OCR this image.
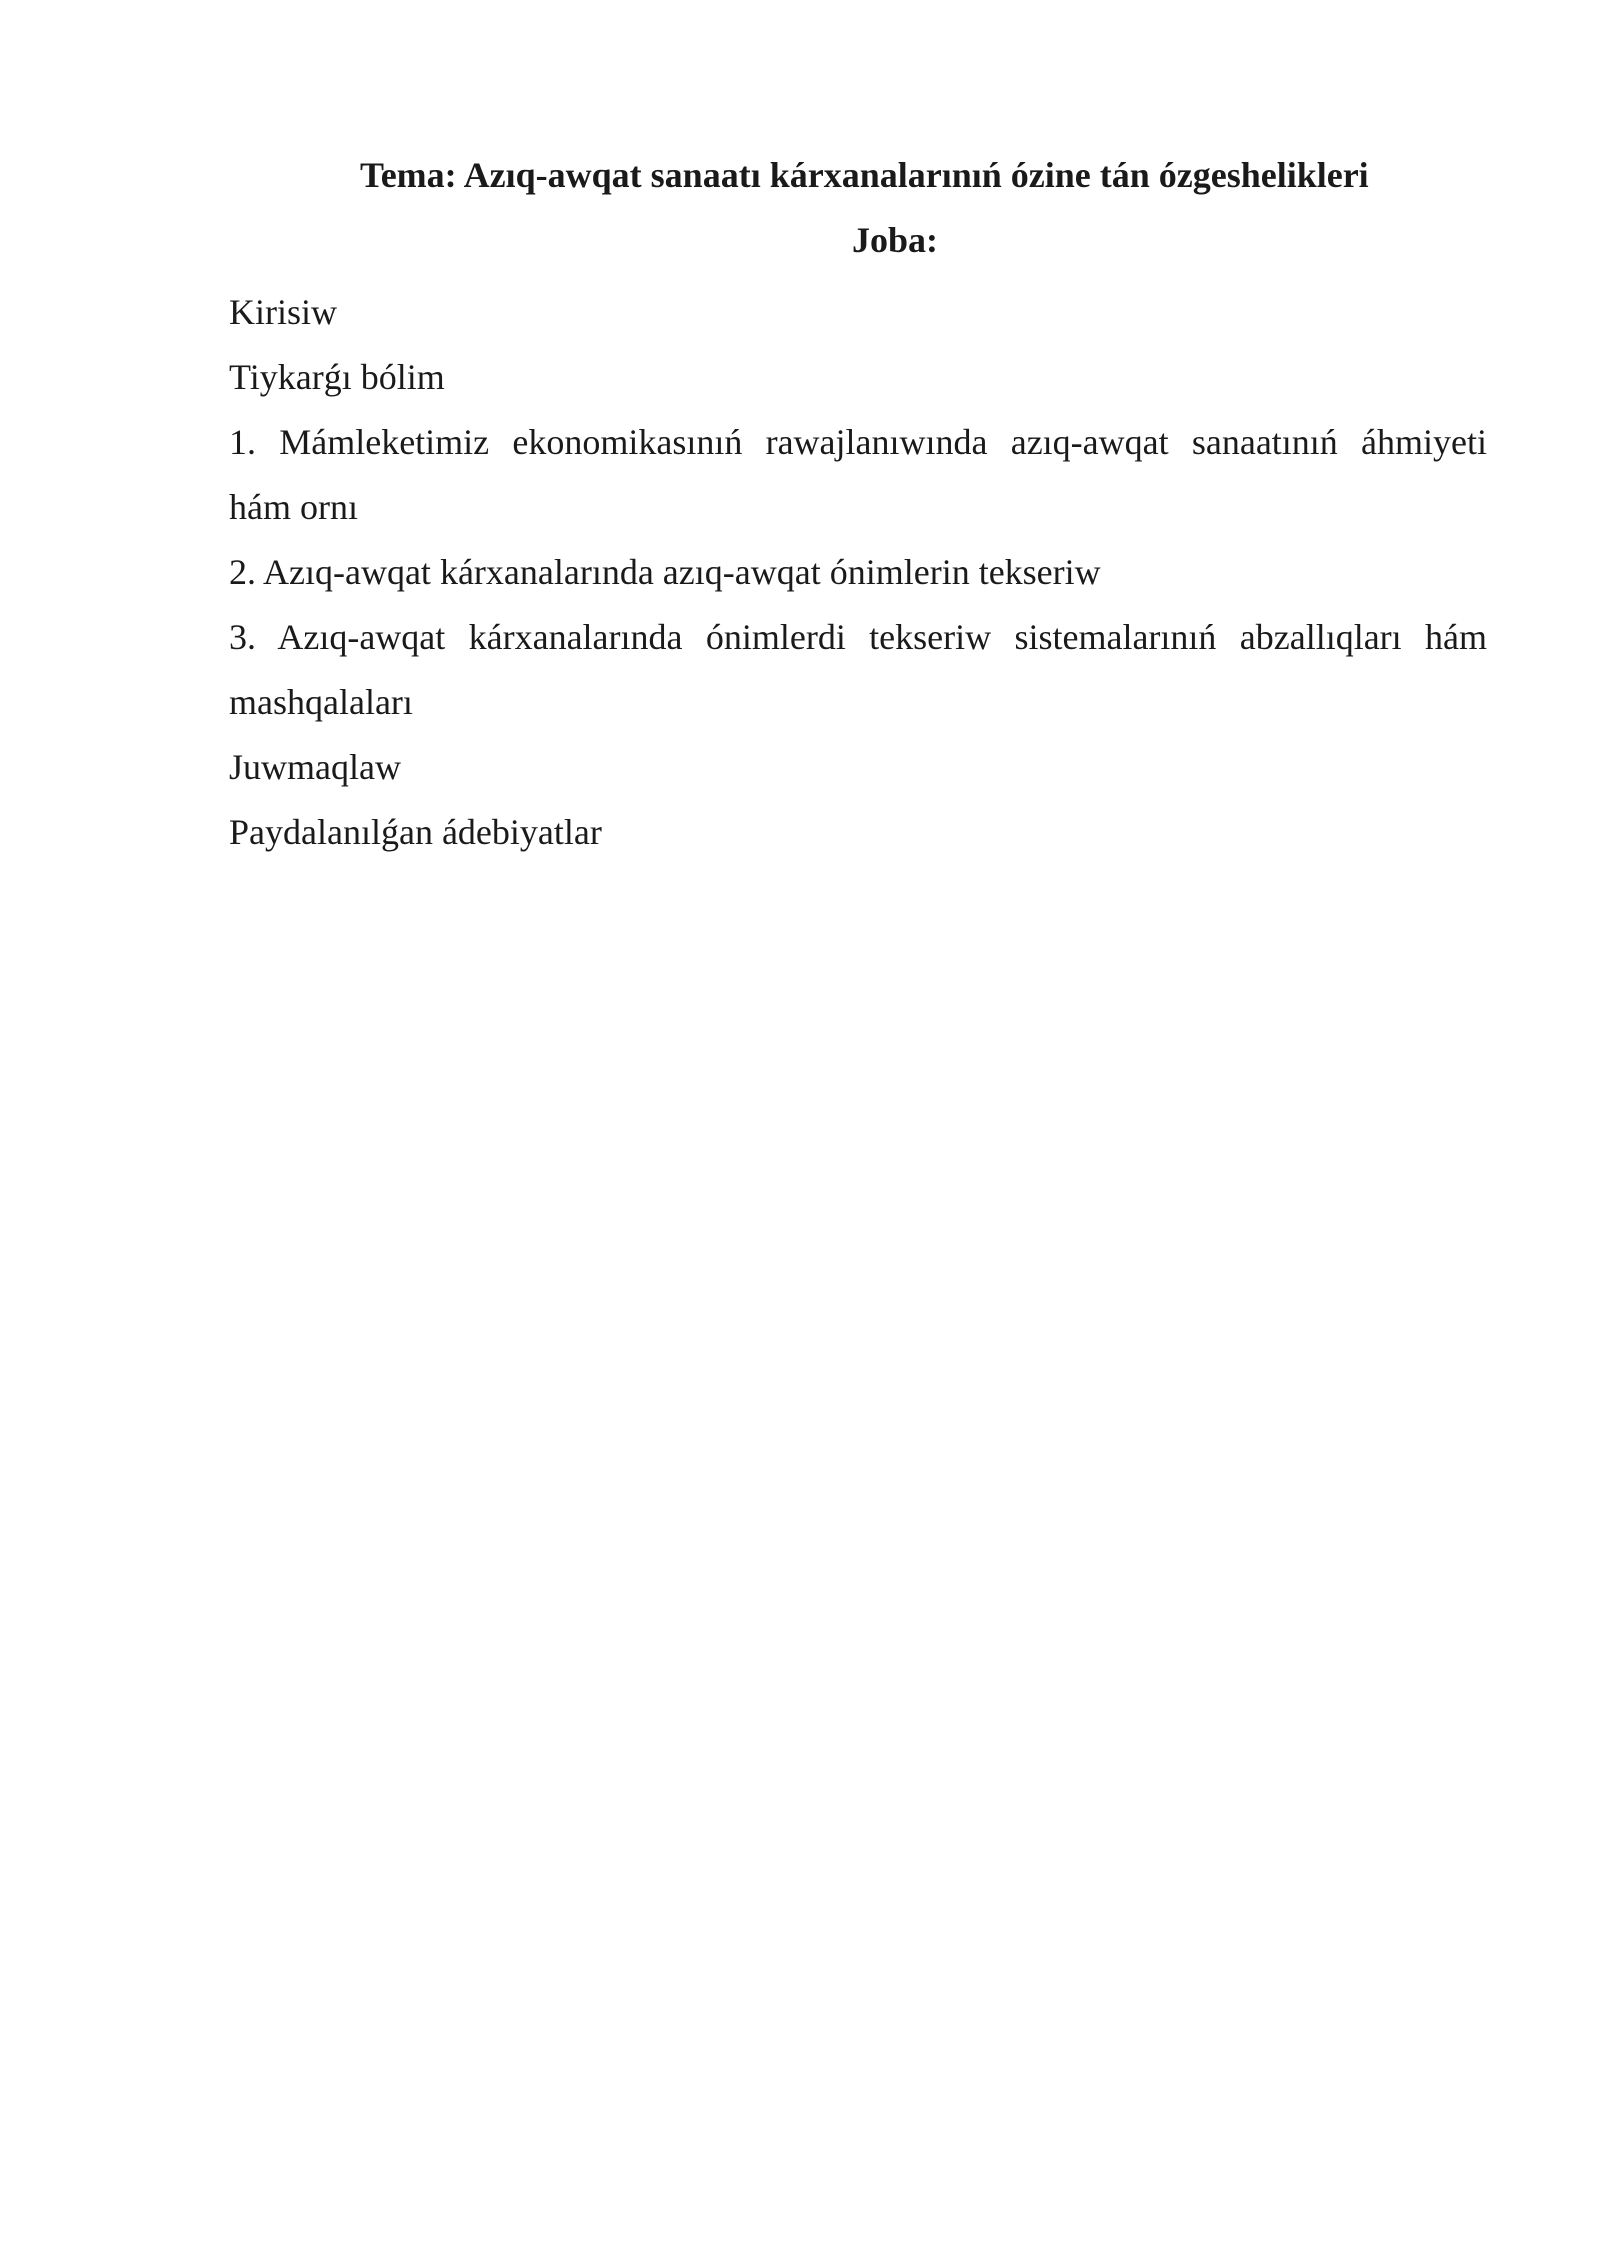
Tema: Azıq-awqat sanaatı kárxanalarınıń ózine tán ózgeshelikleri
Joba:

Kirisiw

Tiykarǵı bólim

1. Mámleketimiz ekonomikasınıń rawajlanıwında azıq-awqat sanaatınıń áhmiyeti

hám ornı

2. Azıq-awqat kárxanalarında azıq-awqat ónimlerin tekseriw

3. Azıq-awqat kárxanalarında ónimlerdi tekseriw sistemalarınıń abzallıqları hám

mashqalaları

Juwmaqlaw

Paydalanılǵan ádebiyatlar
